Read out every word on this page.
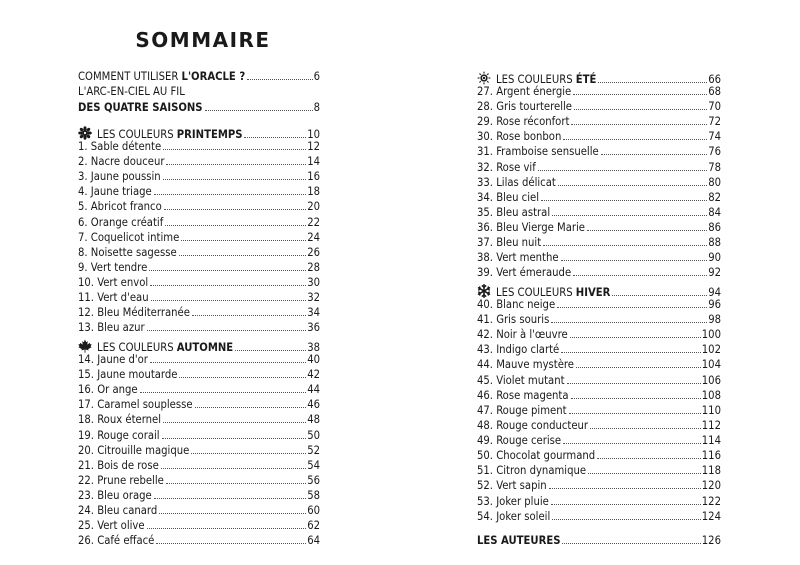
SOMMAIRE
COMMENT UTILISER L'ORACLE ?	6
L'ARC-EN-CIEL AU FIL
DES QUATRE SAISONS	8
LES COULEURS PRINTEMPS	10
1. Sable détente	12
2. Nacre douceur	14
3. Jaune poussin	16
4. Jaune triage	18
5. Abricot franco	20
6. Orange créatif	22
7. Coquelicot intime	24
8. Noisette sagesse	26
9. Vert tendre	28
10. Vert envol	30
11. Vert d'eau	32
12. Bleu Méditerranée	34
13. Bleu azur	36
LES COULEURS AUTOMNE	38
14. Jaune d'or	40
15. Jaune moutarde	42
16. Or ange	44
17. Caramel souplesse	46
18. Roux éternel	48
19. Rouge corail	50
20. Citrouille magique	52
21. Bois de rose	54
22. Prune rebelle	56
23. Bleu orage	58
24. Bleu canard	60
25. Vert olive	62
26. Café effacé	64
LES COULEURS ÉTÉ	66
27. Argent énergie	68
28. Gris tourterelle	70
29. Rose réconfort	72
30. Rose bonbon	74
31. Framboise sensuelle	76
32. Rose vif	78
33. Lilas délicat	80
34. Bleu ciel	82
35. Bleu astral	84
36. Bleu Vierge Marie	86
37. Bleu nuit	88
38. Vert menthe	90
39. Vert émeraude	92
LES COULEURS HIVER	94
40. Blanc neige	96
41. Gris souris	98
42. Noir à l'œuvre	100
43. Indigo clarté	102
44. Mauve mystère	104
45. Violet mutant	106
46. Rose magenta	108
47. Rouge piment	110
48. Rouge conducteur	112
49. Rouge cerise	114
50. Chocolat gourmand	116
51. Citron dynamique	118
52. Vert sapin	120
53. Joker pluie	122
54. Joker soleil	124
LES AUTEURES	126
